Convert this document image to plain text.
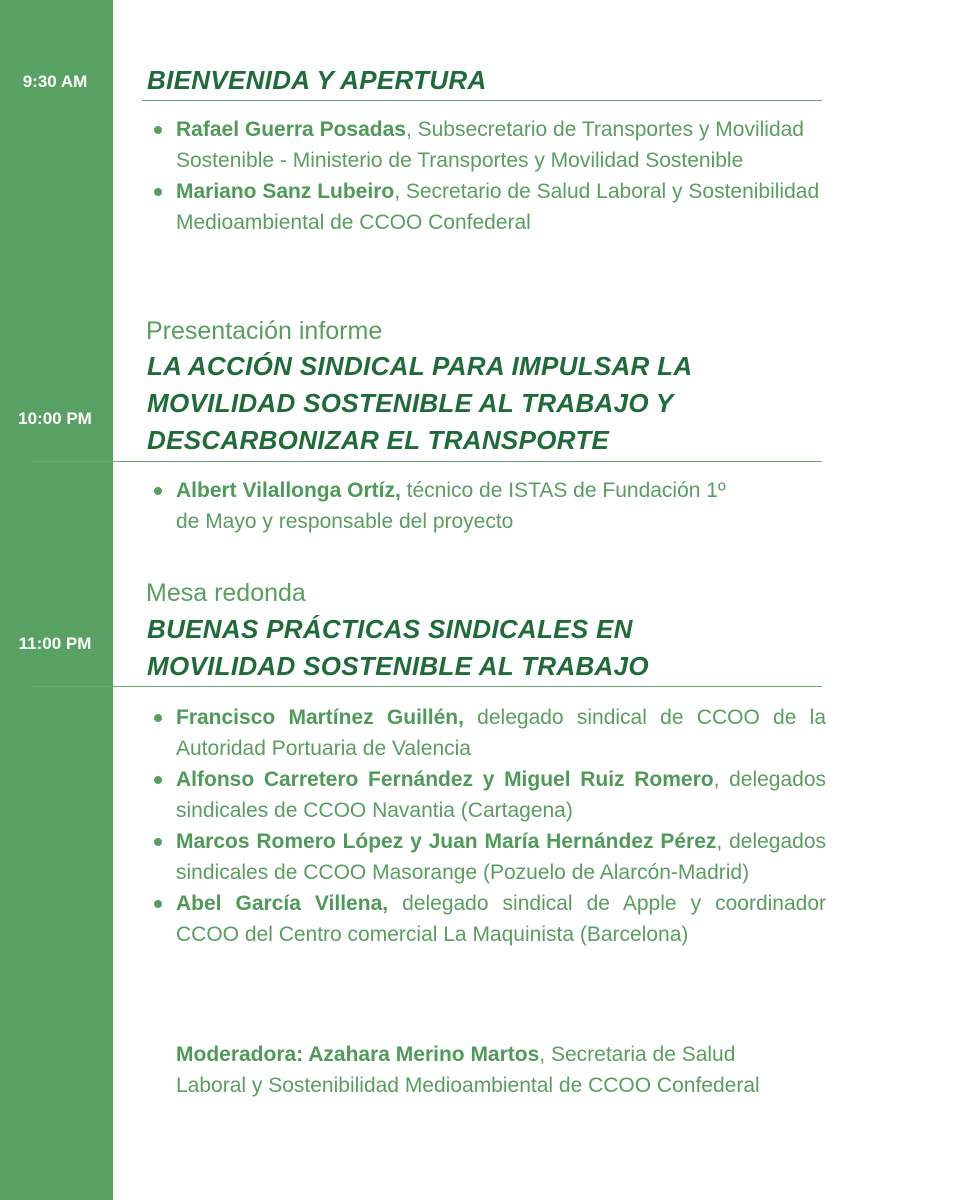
9:30 AM	BIENVENIDA Y APERTURA
Rafael Guerra Posadas, Subsecretario de Transportes y Movilidad Sostenible - Ministerio de Transportes y Movilidad Sostenible
Mariano Sanz Lubeiro, Secretario de Salud Laboral y Sostenibilidad Medioambiental de CCOO Confederal

Presentación informe

LA ACCIÓN SINDICAL PARA IMPULSAR LA
MOVILIDAD SOSTENIBLE AL TRABAJO Y
DESCARBONIZAR EL TRANSPORTE
10:00 PM
Albert Vilallonga Ortíz, técnico de ISTAS de Fundación 1º de Mayo y responsable del proyecto

Mesa redonda

BUENAS PRÁCTICAS SINDICALES EN
MOVILIDAD SOSTENIBLE AL TRABAJO
11:00 PM
Francisco Martínez Guillén, delegado sindical de CCOO de la Autoridad Portuaria de Valencia
Alfonso Carretero Fernández y Miguel Ruiz Romero, delegados sindicales de CCOO Navantia (Cartagena)
Marcos Romero López y Juan María Hernández Pérez, delegados sindicales de CCOO Masorange (Pozuelo de Alarcón-Madrid)
Abel García Villena, delegado sindical de Apple y coordinador CCOO del Centro comercial La Maquinista (Barcelona)

Moderadora: Azahara Merino Martos, Secretaria de Salud Laboral y Sostenibilidad Medioambiental de CCOO Confederal
